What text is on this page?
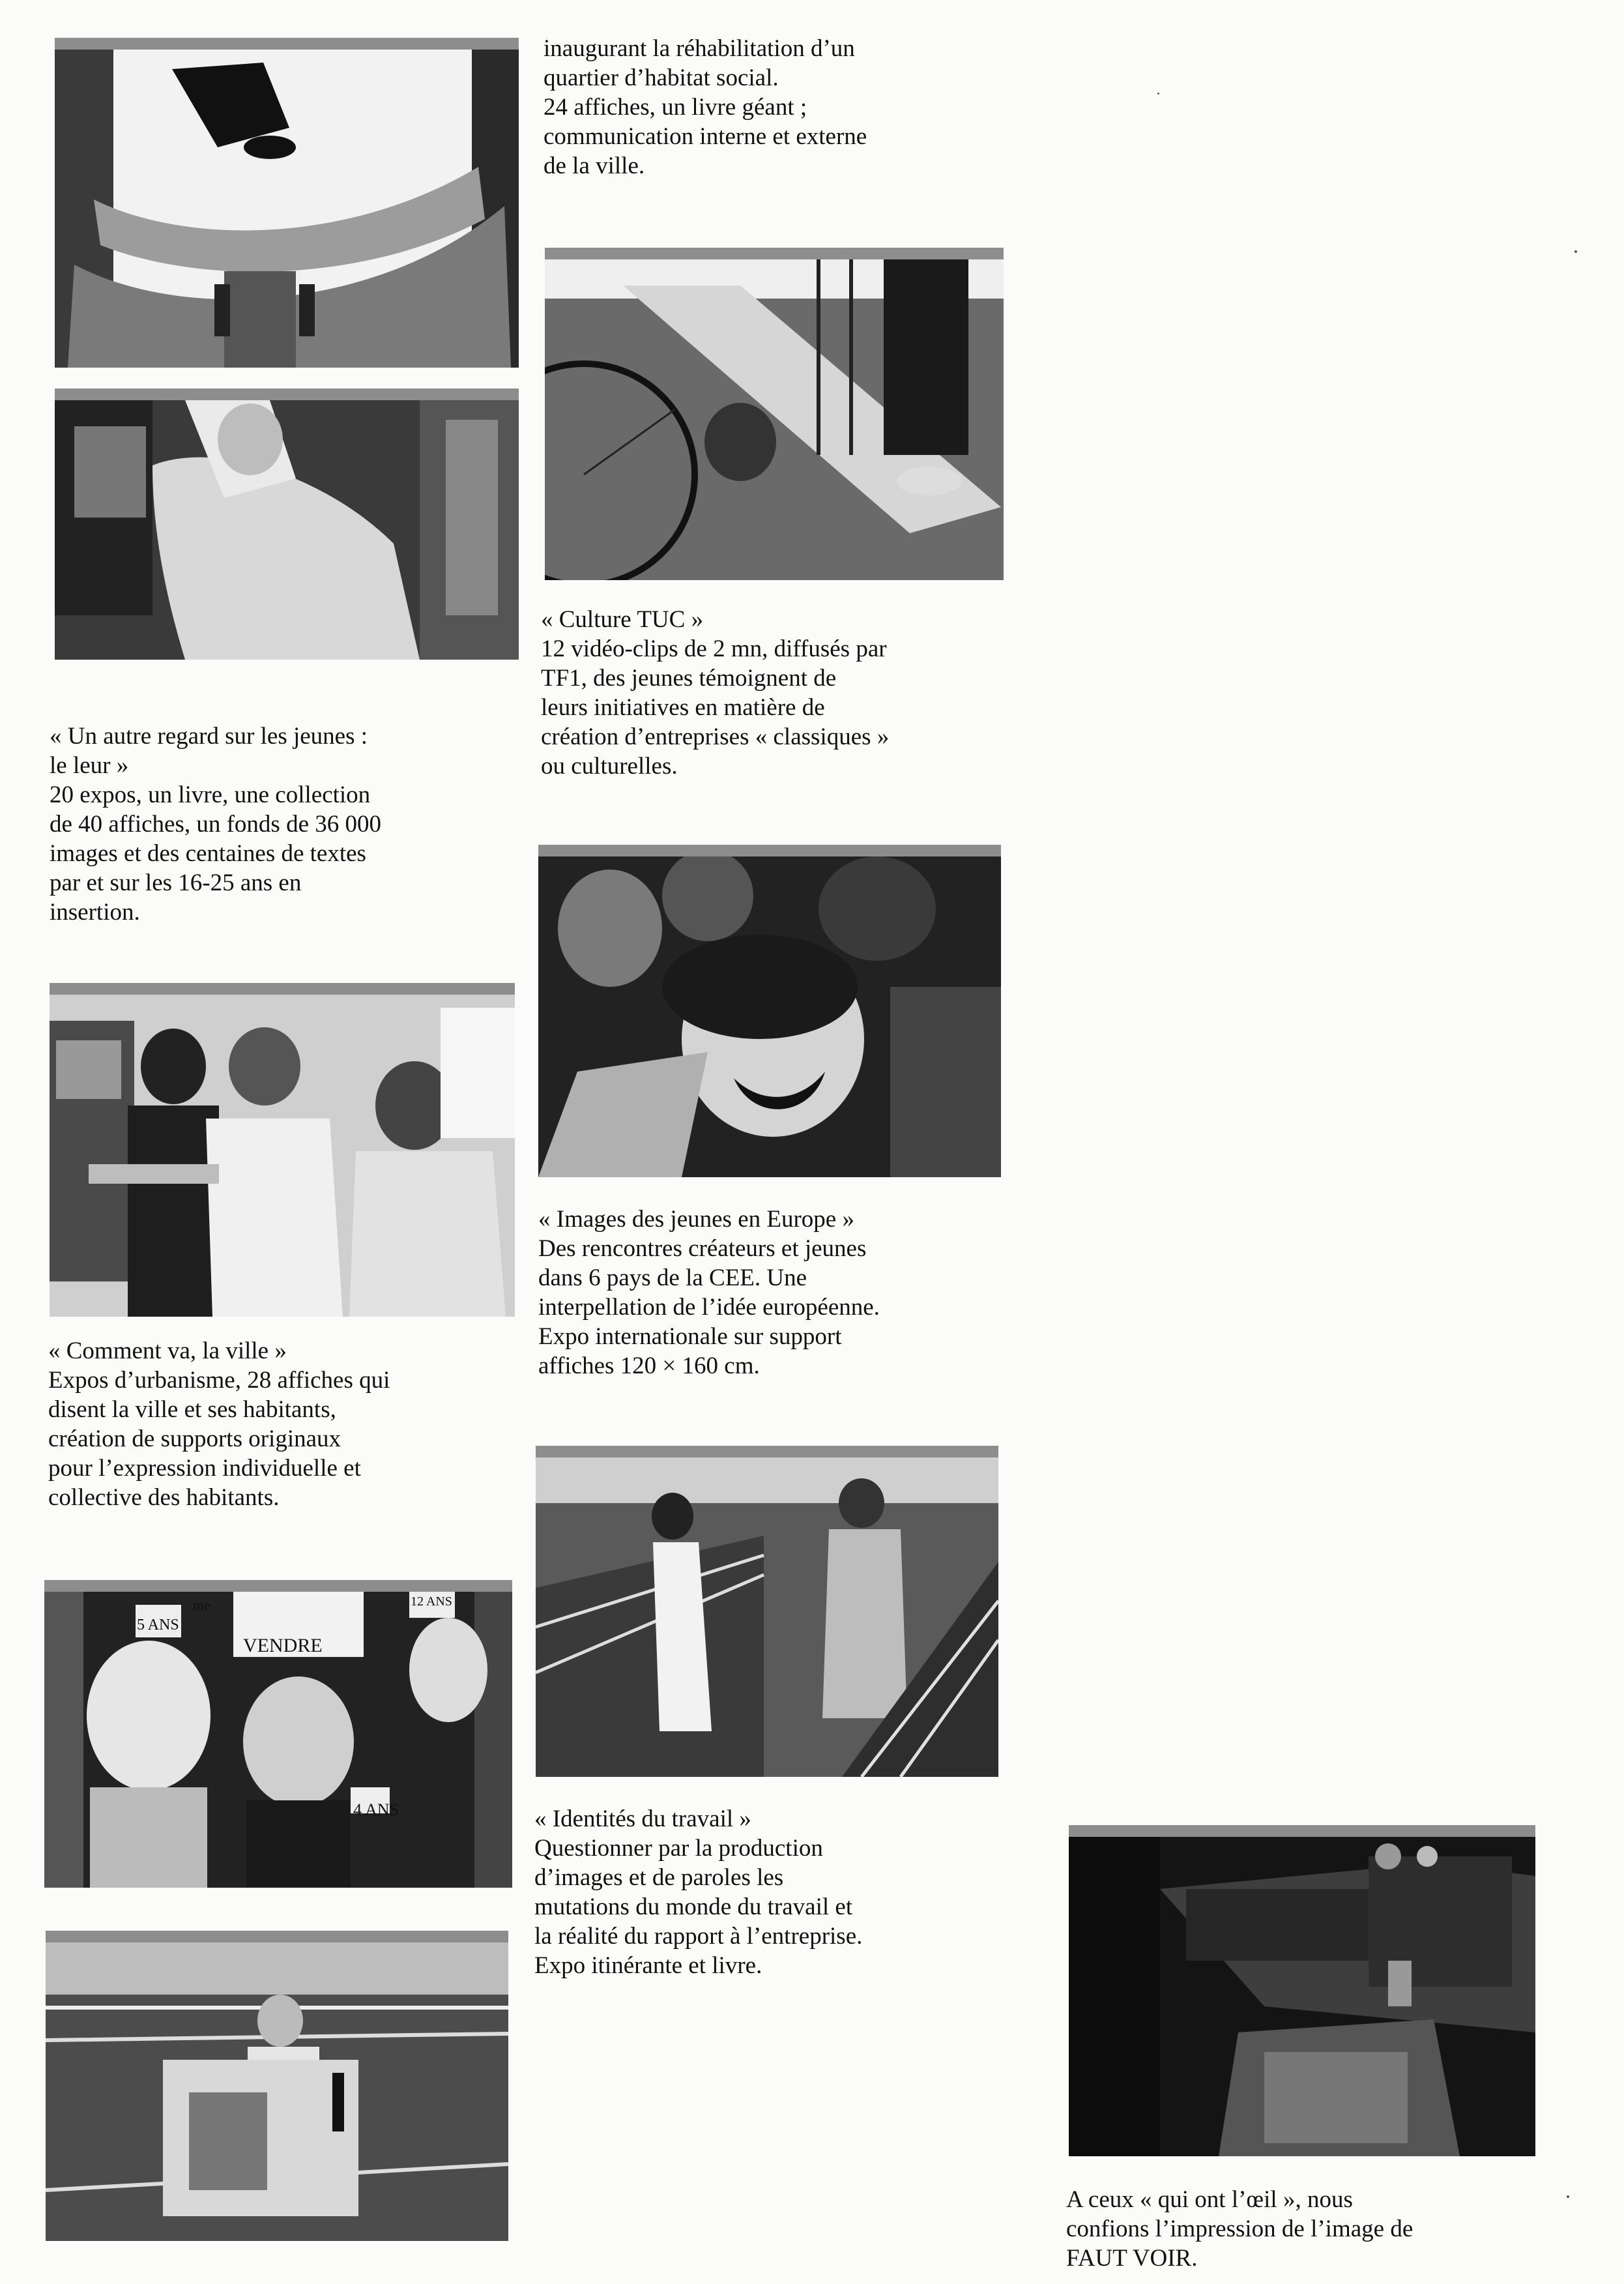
« Un autre regard sur les jeunes :
le leur »
20 expos, un livre, une collection
de 40 affiches, un fonds de 36 000
images et des centaines de textes
par et sur les 16-25 ans en
insertion.
« Comment va, la ville »
Expos d’urbanisme, 28 affiches qui
disent la ville et ses habitants,
création de supports originaux
pour l’expression individuelle et
collective des habitants.
me
5 ANS
VENDRE
12 ANS
4 ANS
inaugurant la réhabilitation d’un
quartier d’habitat social.
24 affiches, un livre géant ;
communication interne et externe
de la ville.
« Culture TUC »
12 vidéo-clips de 2 mn, diffusés par
TF1, des jeunes témoignent de
leurs initiatives en matière de
création d’entreprises « classiques »
ou culturelles.
« Images des jeunes en Europe »
Des rencontres créateurs et jeunes
dans 6 pays de la CEE. Une
interpellation de l’idée européenne.
Expo internationale sur support
affiches 120 × 160 cm.
« Identités du travail »
Questionner par la production
d’images et de paroles les
mutations du monde du travail et
la réalité du rapport à l’entreprise.
Expo itinérante et livre.
A ceux « qui ont l’œil », nous
confions l’impression de l’image de
FAUT VOIR.
